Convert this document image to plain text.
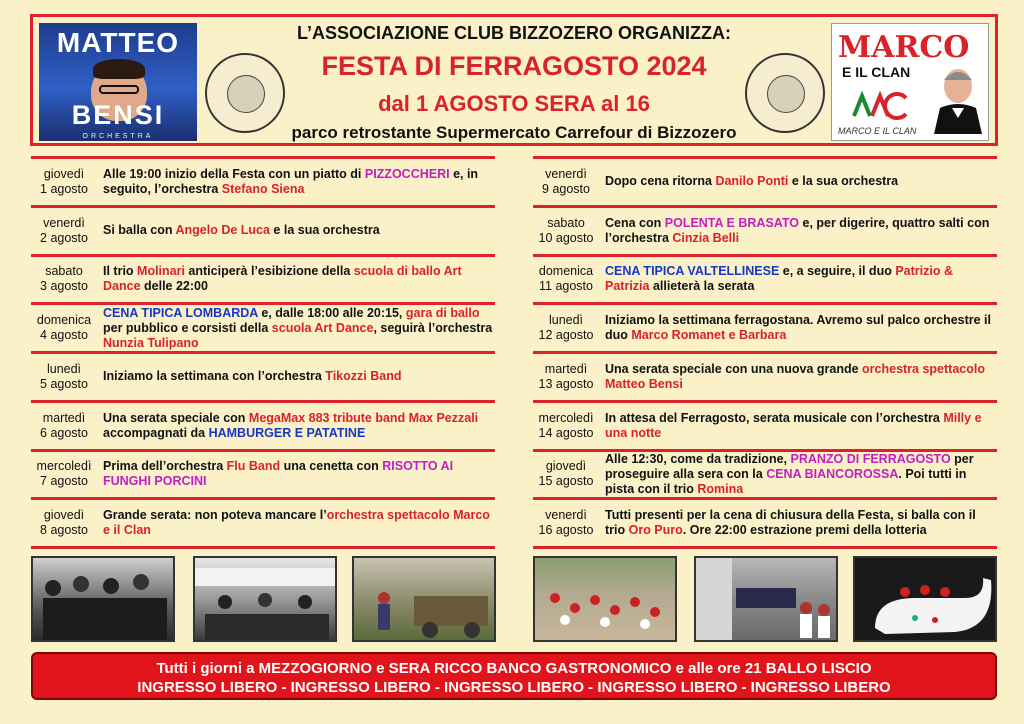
MATTEO
BENSI
ORCHESTRA
L’ASSOCIAZIONE CLUB BIZZOZERO ORGANIZZA:
FESTA DI FERRAGOSTO 2024
dal 1 AGOSTO SERA al 16
parco retrostante Supermercato Carrefour di Bizzozero
MARCO
E IL CLAN
MARCO E IL CLAN
giovedì
1 agosto
Alle 19:00 inizio della Festa con un piatto di PIZZOCCHERI e, in seguito, l’orchestra Stefano Siena
venerdì
2 agosto
Si balla con Angelo De Luca e la sua orchestra
sabato
3 agosto
Il trio Molinari anticiperà l’esibizione della scuola di ballo Art Dance delle 22:00
domenica
4 agosto
CENA TIPICA LOMBARDA e, dalle 18:00 alle 20:15, gara di ballo per pubblico e corsisti della scuola Art Dance, seguirà l’orchestra Nunzia Tulipano
lunedì
5 agosto
Iniziamo la settimana con l’orchestra Tikozzi Band
martedì
6 agosto
Una serata speciale con MegaMax 883 tribute band Max Pezzali accompagnati da HAMBURGER E PATATINE
mercoledì
7 agosto
Prima dell’orchestra Flu Band una cenetta con RISOTTO AI FUNGHI PORCINI
giovedì
8 agosto
Grande serata: non poteva mancare l’orchestra spettacolo Marco e il Clan
venerdì
9 agosto
Dopo cena ritorna Danilo Ponti e la sua orchestra
sabato
10 agosto
Cena con POLENTA E BRASATO e, per digerire, quattro salti con l’orchestra Cinzia Belli
domenica
11 agosto
CENA TIPICA VALTELLINESE e, a seguire, il duo Patrizio & Patrizia allieterà la serata
lunedì
12 agosto
Iniziamo la settimana ferragostana. Avremo sul palco orchestre il duo Marco Romanet e Barbara
martedì
13 agosto
Una serata speciale con una nuova grande orchestra spettacolo Matteo Bensi
mercoledì
14 agosto
In attesa del Ferragosto, serata musicale con l’orchestra Milly e una notte
giovedì
15 agosto
Alle 12:30, come da tradizione, PRANZO DI FERRAGOSTO per proseguire alla sera con la CENA BIANCOROSSA. Poi tutti in pista con il trio Romina
venerdì
16 agosto
Tutti presenti per la cena di chiusura della Festa, si balla con il trio Oro Puro. Ore 22:00 estrazione premi della lotteria
Tutti i giorni a MEZZOGIORNO e SERA RICCO BANCO GASTRONOMICO e alle ore 21 BALLO LISCIO
INGRESSO LIBERO - INGRESSO LIBERO - INGRESSO LIBERO - INGRESSO LIBERO - INGRESSO LIBERO
